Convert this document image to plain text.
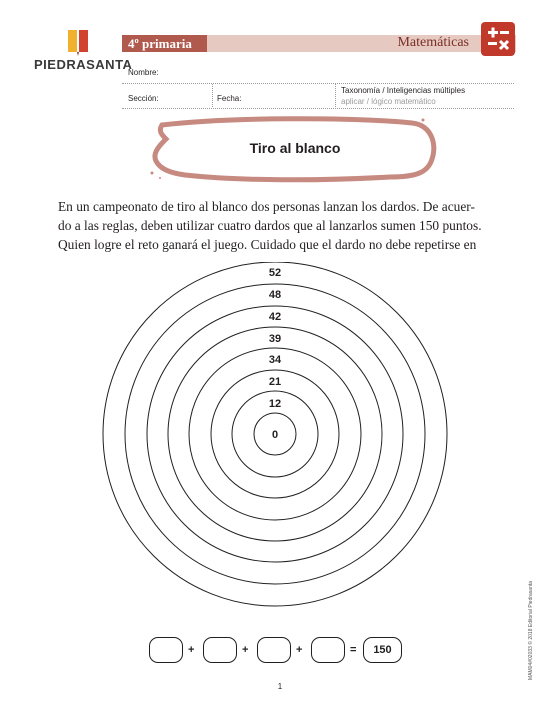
PIEDRASANTA
4º primaria	Matemáticas
Nombre:
Sección:	Fecha:
Taxonomía / Inteligencias múltiples
aplicar / lógico matemático
Tiro al blanco

En un campeonato de tiro al blanco dos personas lanzan los dardos. De acuer-

do a las reglas, deben utilizar cuatro dardos que al lanzarlos sumen 150 puntos.

Quien logre el reto ganará el juego. Cuidado que el dardo no debe repetirse en

52
48
42
39
34
21
12
0
+	+	+	=	150
1
MAM04#02033 © 2018 Editorial Piedrasanta
